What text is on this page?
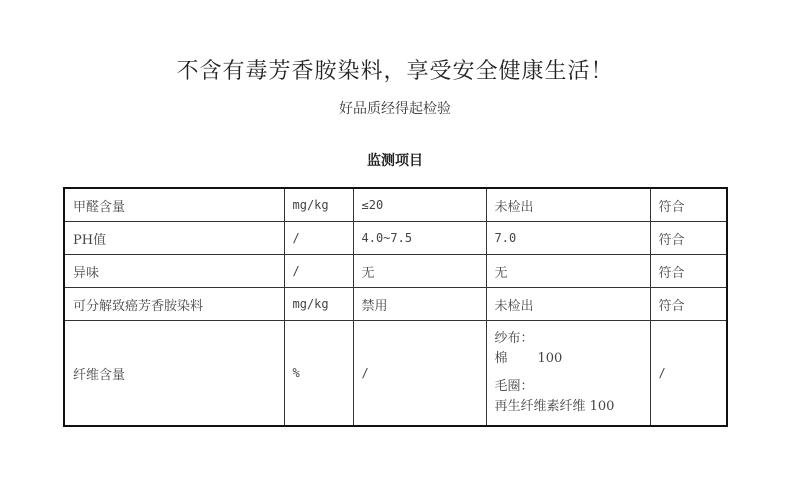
不含有毒芳香胺染料，享受安全健康生活！
好品质经得起检验
监测项目
甲醛含量	mg/kg	≤20	未检出	符合
PH值	/	4.0~7.5	7.0	符合
异味	/	无	无	符合
可分解致癌芳香胺染料	mg/kg	禁用	未检出	符合
纤维含量	%	/	纱布：
棉 100
毛圈：
再生纤维素纤维 100	/
